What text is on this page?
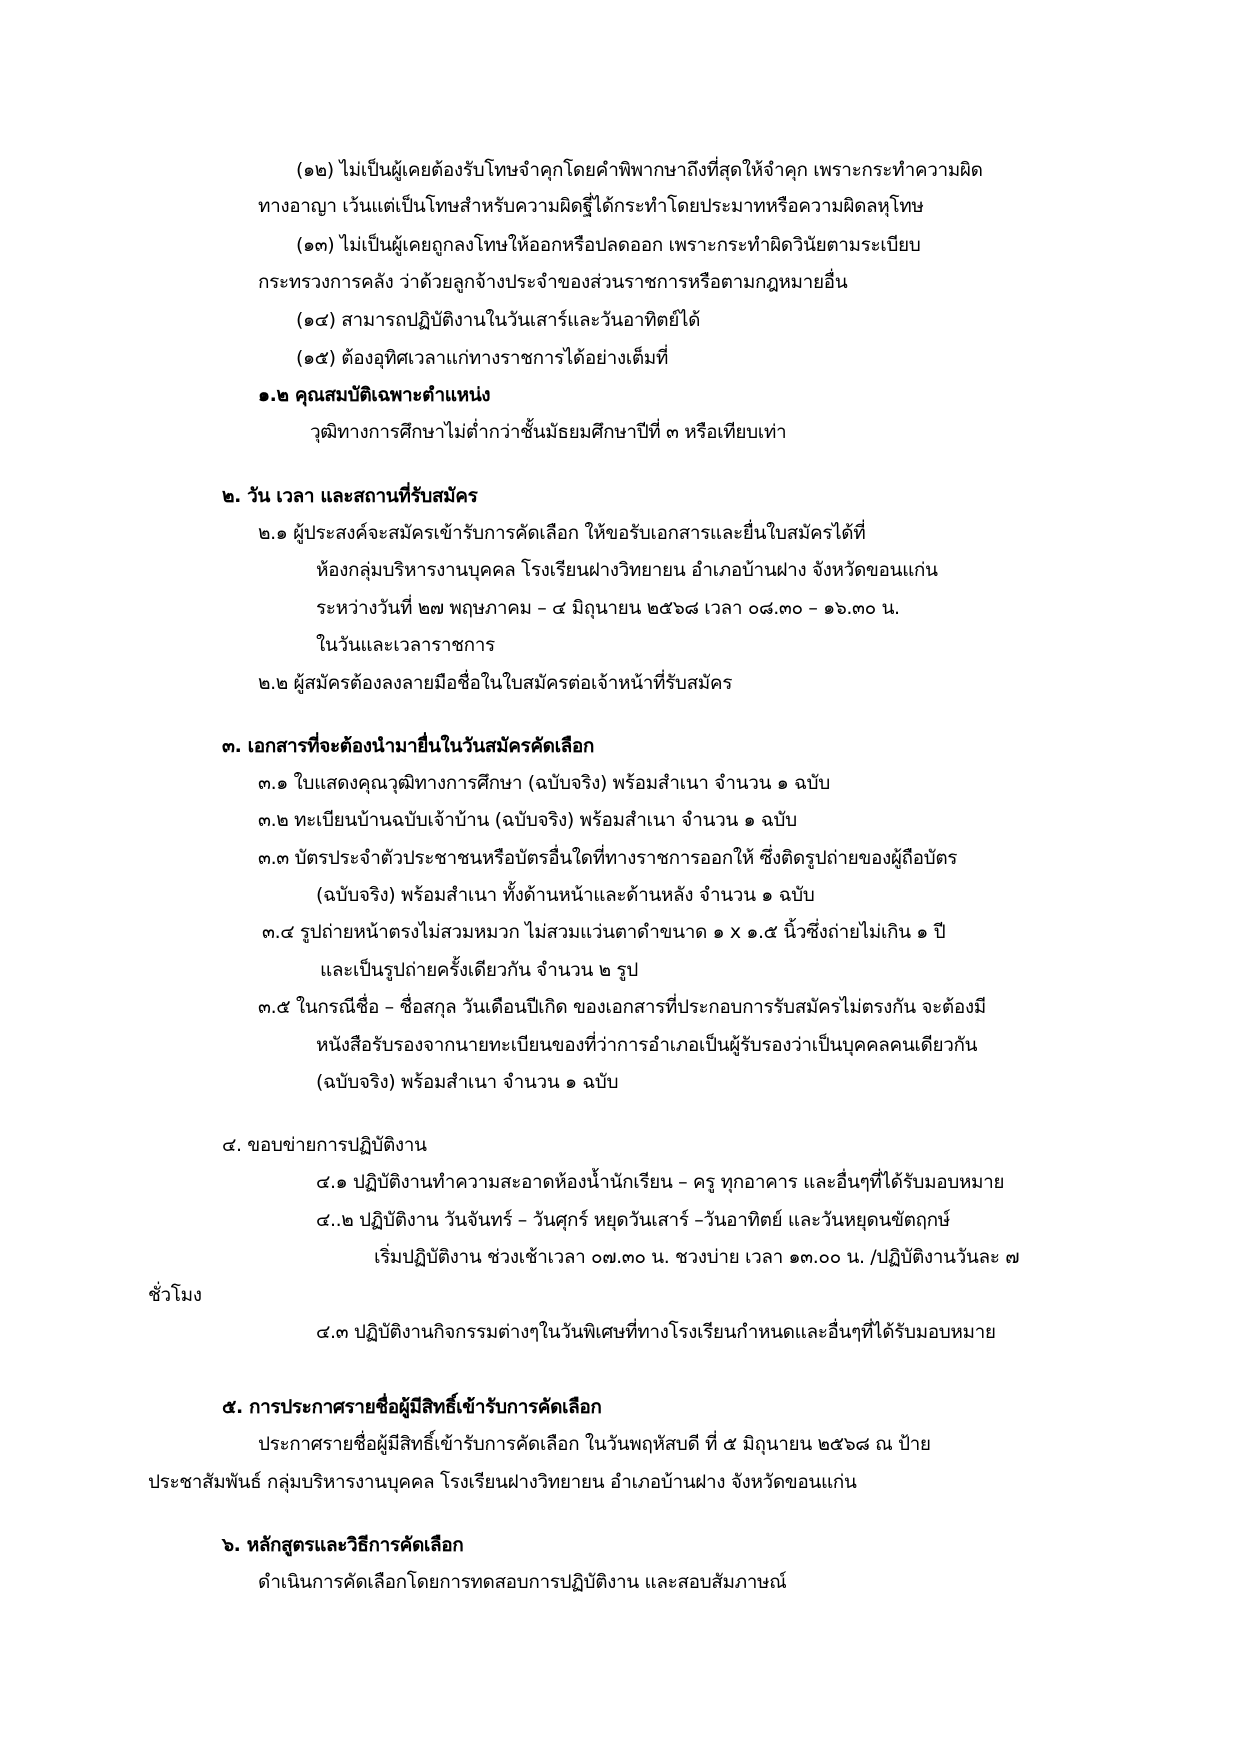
(๑๒) ไม่เป็นผู้เคยต้องรับโทษจำคุกโดยคำพิพากษาถึงที่สุดให้จำคุก เพราะกระทำความผิด
ทางอาญา เว้นแต่เป็นโทษสำหรับความผิดฐี่ได้กระทำโดยประมาทหรือความผิดลหุโทษ
(๑๓) ไม่เป็นผู้เคยถูกลงโทษให้ออกหรือปลดออก เพราะกระทำผิดวินัยตามระเบียบ
กระทรวงการคลัง ว่าด้วยลูกจ้างประจำของส่วนราชการหรือตามกฎหมายอื่น
(๑๔) สามารถปฏิบัติงานในวันเสาร์และวันอาทิตย์ได้
(๑๕) ต้องอุทิศเวลาแก่ทางราชการได้อย่างเต็มที่
๑.๒ คุณสมบัติเฉพาะตำแหน่ง
วุฒิทางการศึกษาไม่ต่ำกว่าชั้นมัธยมศึกษาปีที่ ๓ หรือเทียบเท่า
๒. วัน เวลา และสถานที่รับสมัคร
๒.๑ ผู้ประสงค์จะสมัครเข้ารับการคัดเลือก ให้ขอรับเอกสารและยื่นใบสมัครได้ที่
ห้องกลุ่มบริหารงานบุคคล โรงเรียนฝางวิทยายน อำเภอบ้านฝาง จังหวัดขอนแก่น
ระหว่างวันที่ ๒๗ พฤษภาคม – ๔ มิถุนายน ๒๕๖๘ เวลา ๐๘.๓๐ – ๑๖.๓๐ น.
ในวันและเวลาราชการ
๒.๒ ผู้สมัครต้องลงลายมือชื่อในใบสมัครต่อเจ้าหน้าที่รับสมัคร
๓. เอกสารที่จะต้องนำมายื่นในวันสมัครคัดเลือก
๓.๑ ใบแสดงคุณวุฒิทางการศึกษา (ฉบับจริง) พร้อมสำเนา จำนวน ๑ ฉบับ
๓.๒ ทะเบียนบ้านฉบับเจ้าบ้าน (ฉบับจริง) พร้อมสำเนา จำนวน ๑ ฉบับ
๓.๓ บัตรประจำตัวประชาชนหรือบัตรอื่นใดที่ทางราชการออกให้ ซึ่งติดรูปถ่ายของผู้ถือบัตร
(ฉบับจริง) พร้อมสำเนา ทั้งด้านหน้าและด้านหลัง จำนวน ๑ ฉบับ
๓.๔ รูปถ่ายหน้าตรงไม่สวมหมวก ไม่สวมแว่นตาดำขนาด ๑ x ๑.๕ นิ้วซึ่งถ่ายไม่เกิน ๑ ปี
และเป็นรูปถ่ายครั้งเดียวกัน จำนวน ๒ รูป
๓.๕ ในกรณีชื่อ – ชื่อสกุล วันเดือนปีเกิด ของเอกสารที่ประกอบการรับสมัครไม่ตรงกัน จะต้องมี
หนังสือรับรองจากนายทะเบียนของที่ว่าการอำเภอเป็นผู้รับรองว่าเป็นบุคคลคนเดียวกัน
(ฉบับจริง) พร้อมสำเนา จำนวน ๑ ฉบับ
๔. ขอบข่ายการปฏิบัติงาน
๔.๑ ปฏิบัติงานทำความสะอาดห้องน้ำนักเรียน – ครู ทุกอาคาร และอื่นๆที่ได้รับมอบหมาย
๔..๒ ปฏิบัติงาน วันจันทร์ – วันศุกร์ หยุดวันเสาร์ –วันอาทิตย์ และวันหยุดนขัตฤกษ์
เริ่มปฏิบัติงาน ช่วงเช้าเวลา ๐๗.๓๐ น. ชวงบ่าย เวลา ๑๓.๐๐ น. /ปฏิบัติงานวันละ ๗
ชั่วโมง
๔.๓ ปฏิบัติงานกิจกรรมต่างๆในวันพิเศษที่ทางโรงเรียนกำหนดและอื่นๆที่ได้รับมอบหมาย
๕. การประกาศรายชื่อผู้มีสิทธิ์เข้ารับการคัดเลือก
ประกาศรายชื่อผู้มีสิทธิ์เข้ารับการคัดเลือก ในวันพฤหัสบดี ที่ ๕ มิถุนายน ๒๕๖๘ ณ ป้าย
ประชาสัมพันธ์ กลุ่มบริหารงานบุคคล โรงเรียนฝางวิทยายน อำเภอบ้านฝาง จังหวัดขอนแก่น
๖. หลักสูตรและวิธีการคัดเลือก
ดำเนินการคัดเลือกโดยการทดสอบการปฏิบัติงาน และสอบสัมภาษณ์
